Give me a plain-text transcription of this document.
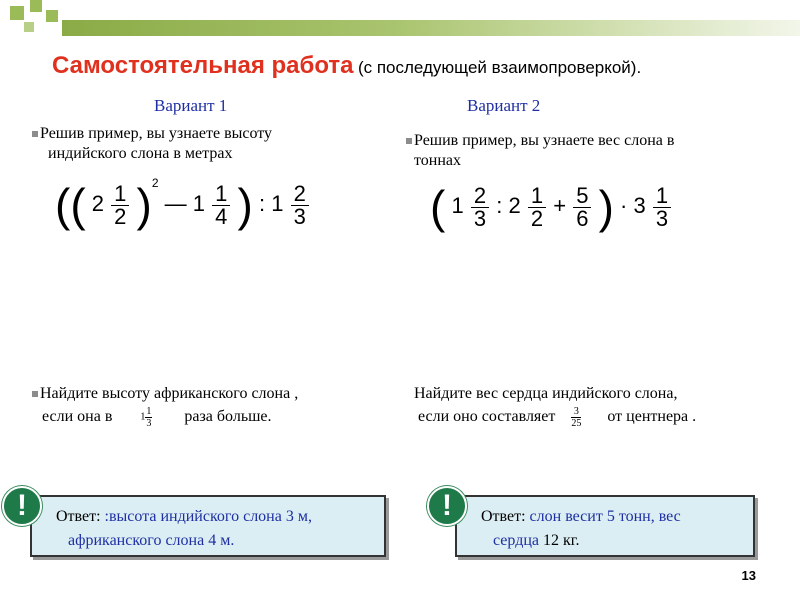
Самостоятельная работа (с последующей взаимопроверкой).
Вариант 1	Вариант 2
Решив пример, вы узнаете высоту
индийского слона в метрах
Решив пример, вы узнаете вес слона в
тоннах
(( $2 \frac{1}{2} )^2$ — $1 \frac{1}{4}$ ) : $1 \frac{2}{3}$	( $1 \frac{2}{3}$ : $2 \frac{1}{2} + \frac{5}{6}$ ) · $3 \frac{1}{3}$
Найдите высоту африканского слона ,
если она в	$1 \frac{1}{3}$ раза больше.
Найдите вес сердца индийского слона,
если оно составляет $\frac{3}{25}$ от центнера .
Ответ: :высота индийского слона 3 м,
африканского слона 4 м.
Ответ: слон весит 5 тонн, вес
сердца 12 кг.
!	!
13
